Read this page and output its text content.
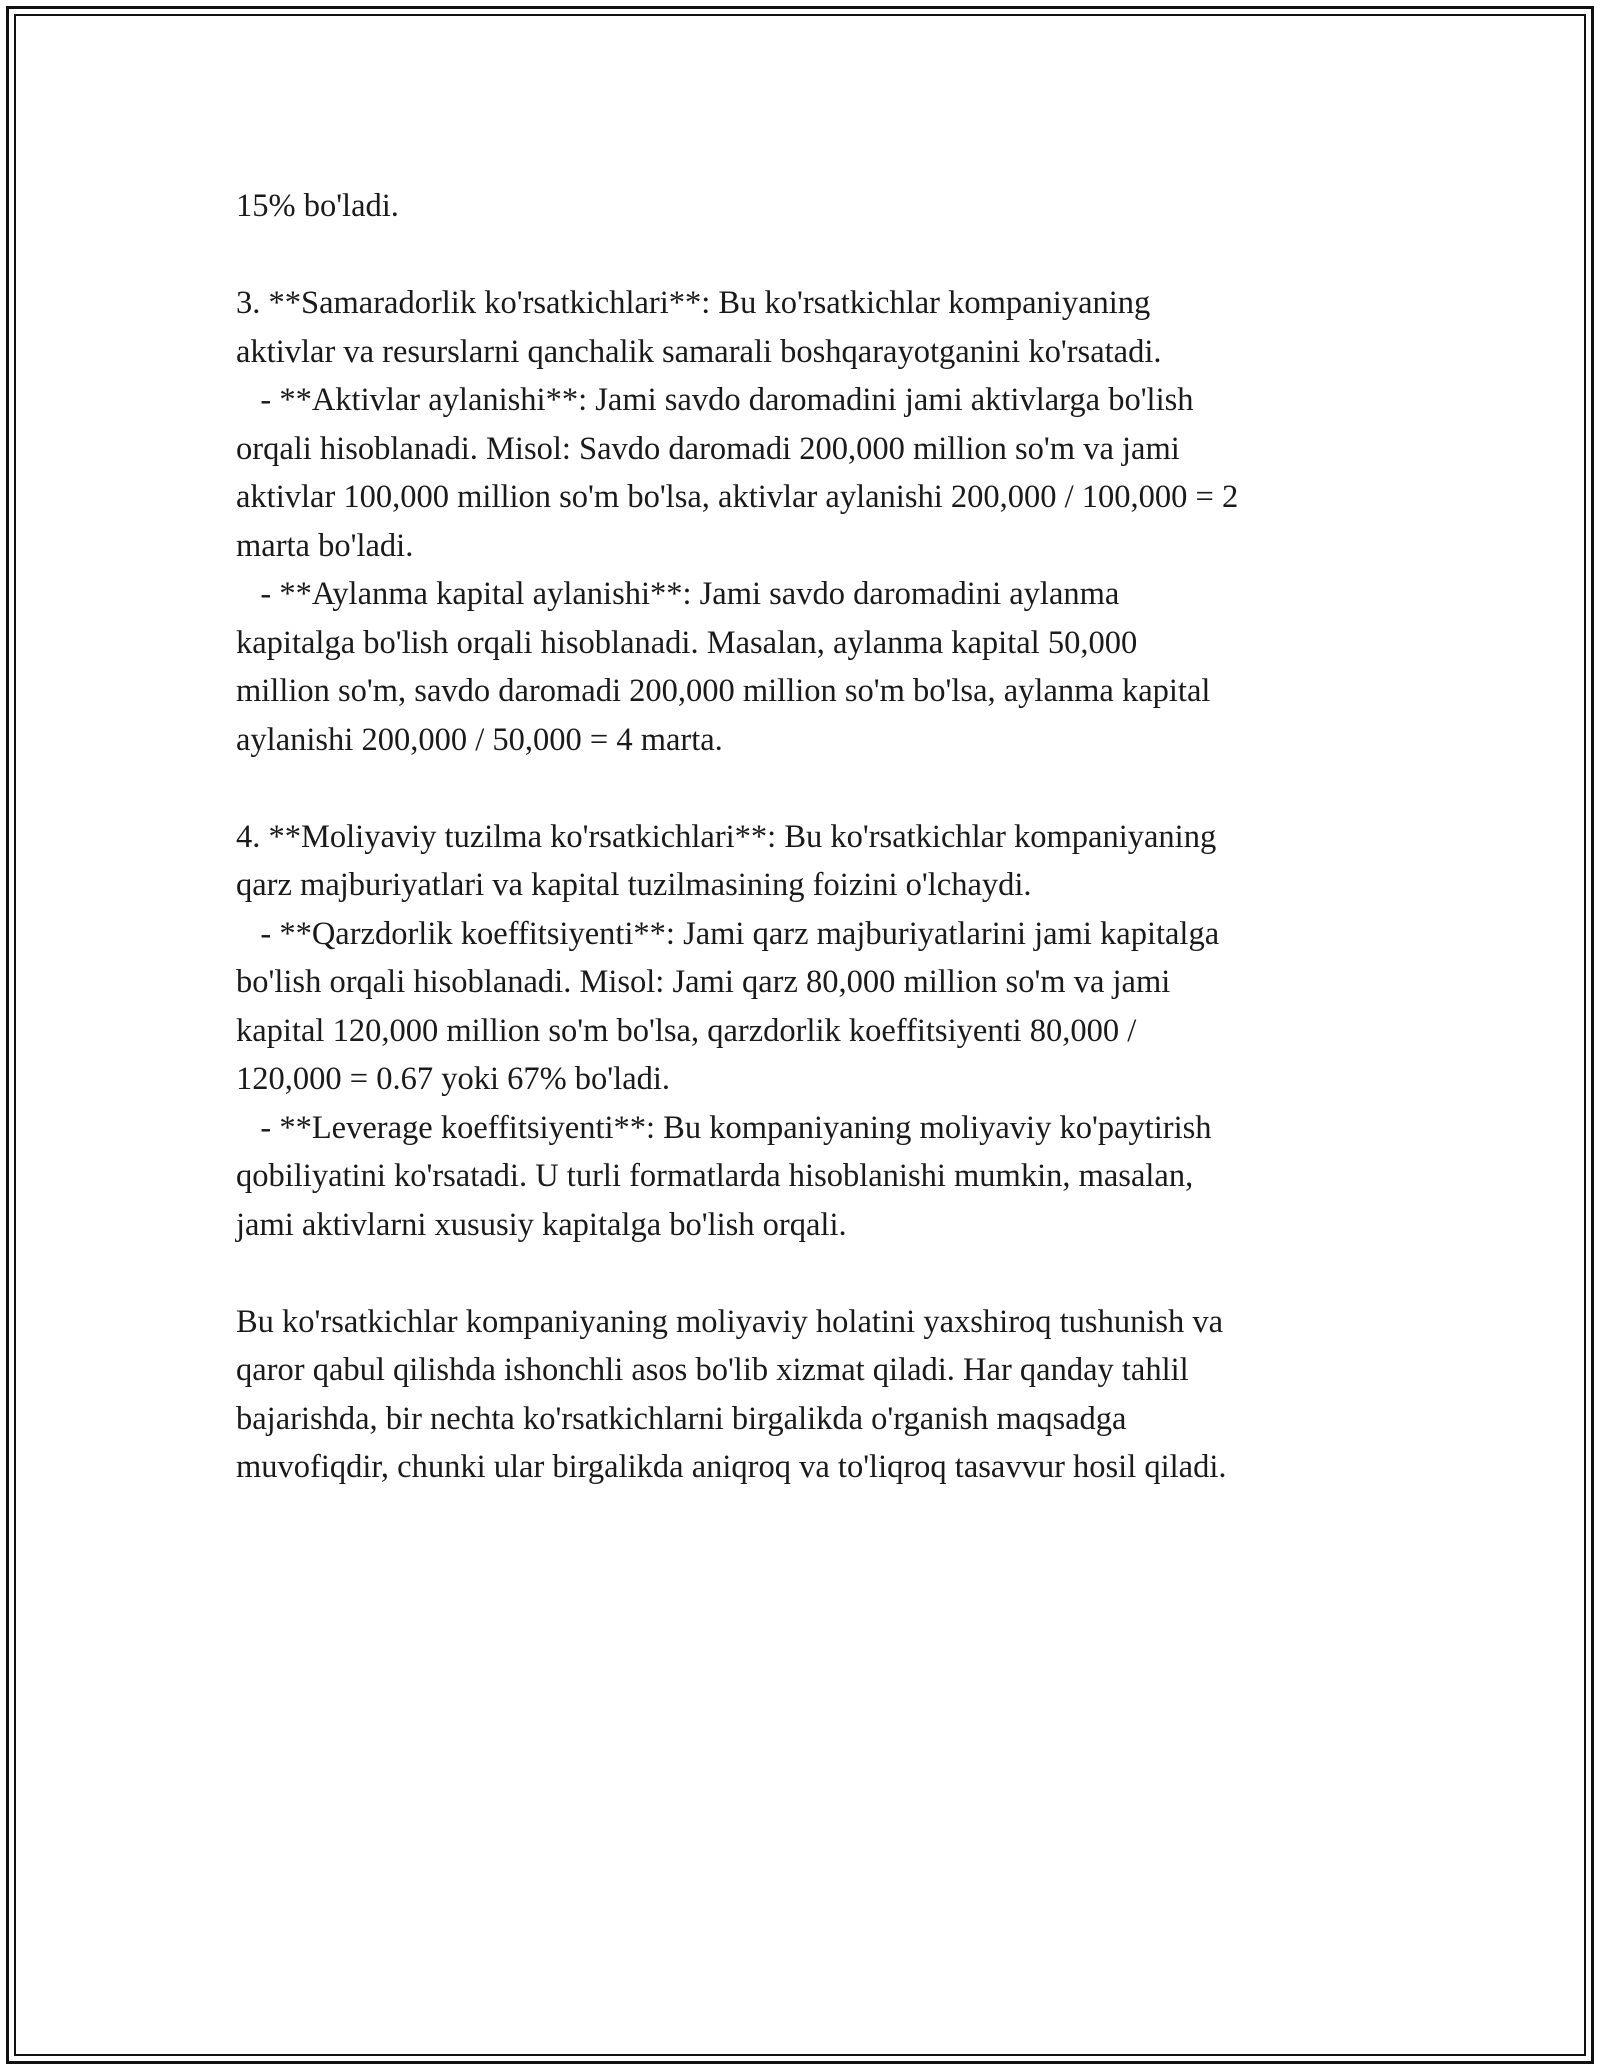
15% bo'ladi.
3. **Samaradorlik ko'rsatkichlari**: Bu ko'rsatkichlar kompaniyaning
aktivlar va resurslarni qanchalik samarali boshqarayotganini ko'rsatadi.
- **Aktivlar aylanishi**: Jami savdo daromadini jami aktivlarga bo'lish
orqali hisoblanadi. Misol: Savdo daromadi 200,000 million so'm va jami
aktivlar 100,000 million so'm bo'lsa, aktivlar aylanishi 200,000 / 100,000 = 2
marta bo'ladi.
- **Aylanma kapital aylanishi**: Jami savdo daromadini aylanma
kapitalga bo'lish orqali hisoblanadi. Masalan, aylanma kapital 50,000
million so'm, savdo daromadi 200,000 million so'm bo'lsa, aylanma kapital
aylanishi 200,000 / 50,000 = 4 marta.
4. **Moliyaviy tuzilma ko'rsatkichlari**: Bu ko'rsatkichlar kompaniyaning
qarz majburiyatlari va kapital tuzilmasining foizini o'lchaydi.
- **Qarzdorlik koeffitsiyenti**: Jami qarz majburiyatlarini jami kapitalga
bo'lish orqali hisoblanadi. Misol: Jami qarz 80,000 million so'm va jami
kapital 120,000 million so'm bo'lsa, qarzdorlik koeffitsiyenti 80,000 /
120,000 = 0.67 yoki 67% bo'ladi.
- **Leverage koeffitsiyenti**: Bu kompaniyaning moliyaviy ko'paytirish
qobiliyatini ko'rsatadi. U turli formatlarda hisoblanishi mumkin, masalan,
jami aktivlarni xususiy kapitalga bo'lish orqali.
Bu ko'rsatkichlar kompaniyaning moliyaviy holatini yaxshiroq tushunish va
qaror qabul qilishda ishonchli asos bo'lib xizmat qiladi. Har qanday tahlil
bajarishda, bir nechta ko'rsatkichlarni birgalikda o'rganish maqsadga
muvofiqdir, chunki ular birgalikda aniqroq va to'liqroq tasavvur hosil qiladi.
